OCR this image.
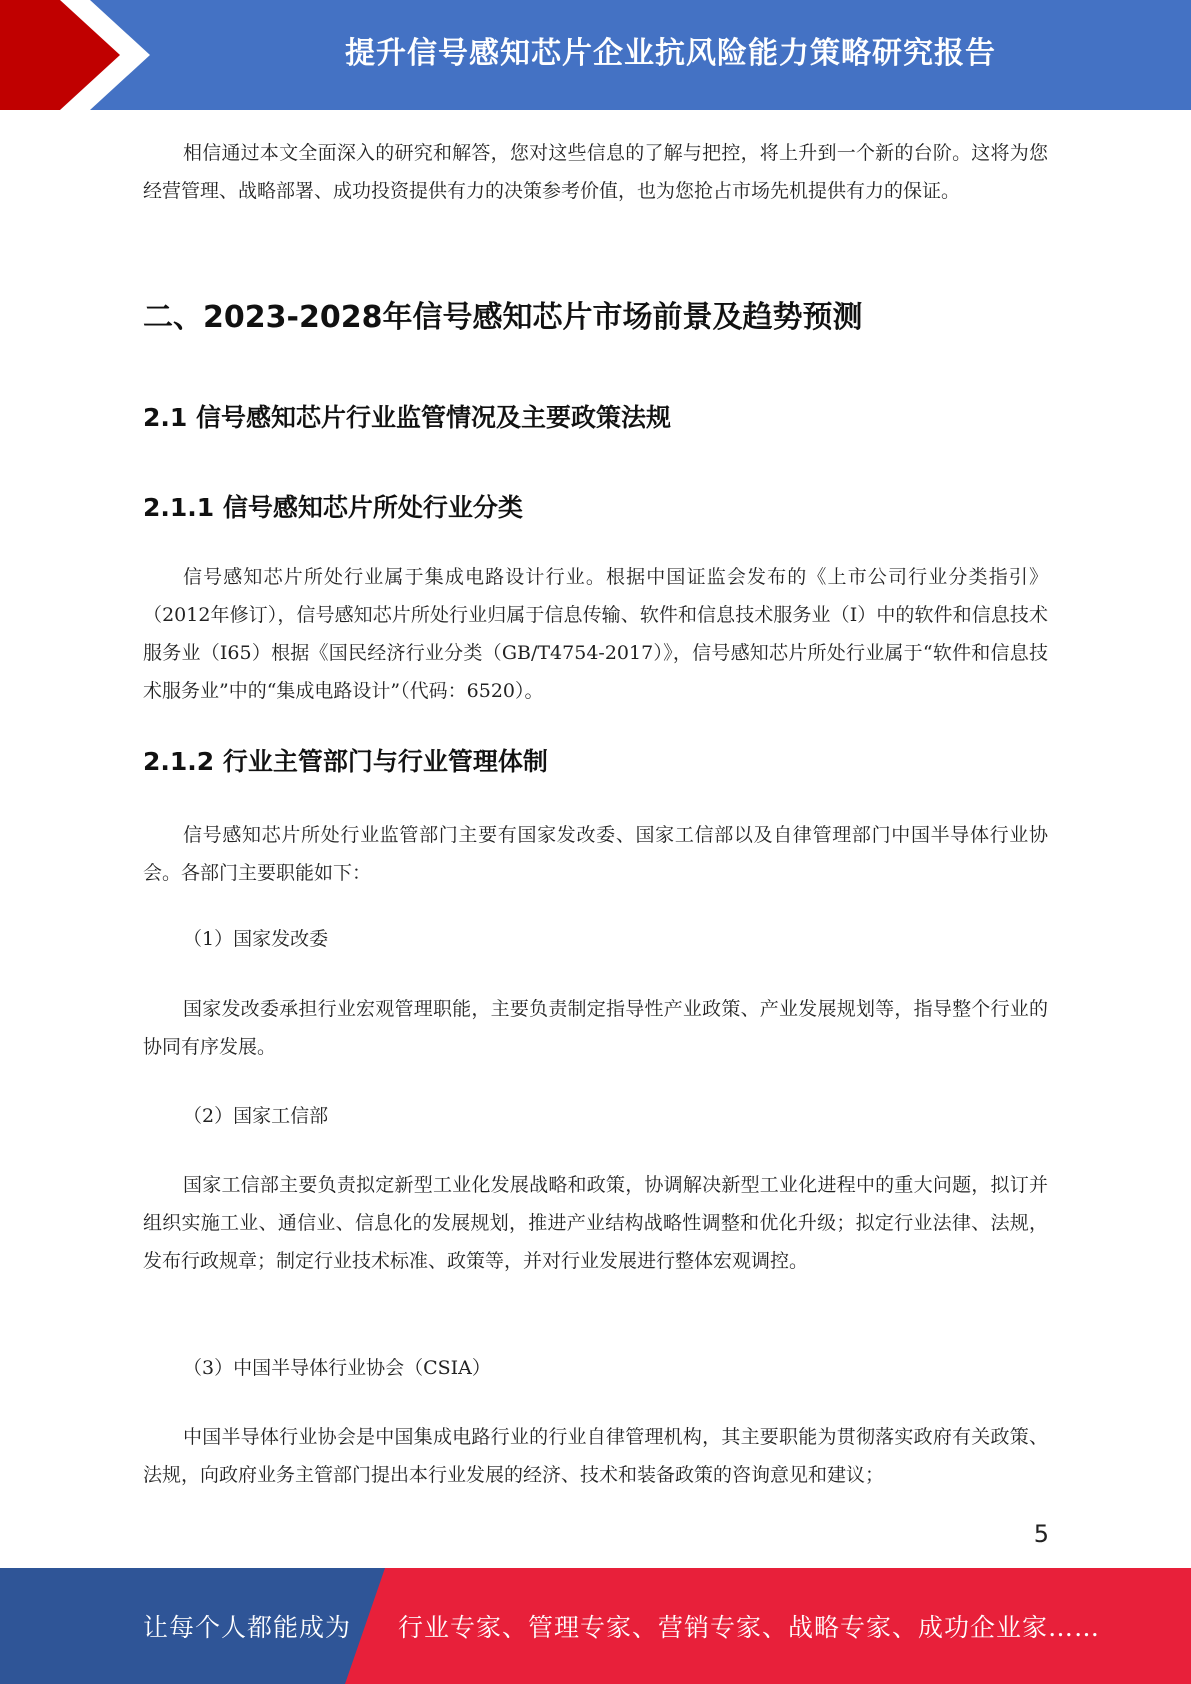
提升信号感知芯片企业抗风险能力策略研究报告

相信通过本文全面深入的研究和解答，您对这些信息的了解与把控，将上升到一个新的台阶。这将为您经营管理、战略部署、成功投资提供有力的决策参考价值，也为您抢占市场先机提供有力的保证。

二、2023-2028年信号感知芯片市场前景及趋势预测
2.1 信号感知芯片行业监管情况及主要政策法规
2.1.1 信号感知芯片所处行业分类

信号感知芯片所处行业属于集成电路设计行业。根据中国证监会发布的《上市公司行业分类指引》（2012年修订），信号感知芯片所处行业归属于信息传输、软件和信息技术服务业（I）中的软件和信息技术服务业（I65）根据《国民经济行业分类（GB/T4754-2017）》，信号感知芯片所处行业属于“软件和信息技术服务业”中的“集成电路设计”（代码：6520）。

2.1.2 行业主管部门与行业管理体制

信号感知芯片所处行业监管部门主要有国家发改委、国家工信部以及自律管理部门中国半导体行业协会。各部门主要职能如下：

（1）国家发改委

国家发改委承担行业宏观管理职能，主要负责制定指导性产业政策、产业发展规划等，指导整个行业的协同有序发展。

（2）国家工信部

国家工信部主要负责拟定新型工业化发展战略和政策，协调解决新型工业化进程中的重大问题，拟订并组织实施工业、通信业、信息化的发展规划，推进产业结构战略性调整和优化升级；拟定行业法律、法规，发布行政规章；制定行业技术标准、政策等，并对行业发展进行整体宏观调控。

（3）中国半导体行业协会（CSIA）

中国半导体行业协会是中国集成电路行业的行业自律管理机构，其主要职能为贯彻落实政府有关政策、法规，向政府业务主管部门提出本行业发展的经济、技术和装备政策的咨询意见和建议；

5
让每个人都能成为 行业专家、管理专家、营销专家、战略专家、成功企业家……
